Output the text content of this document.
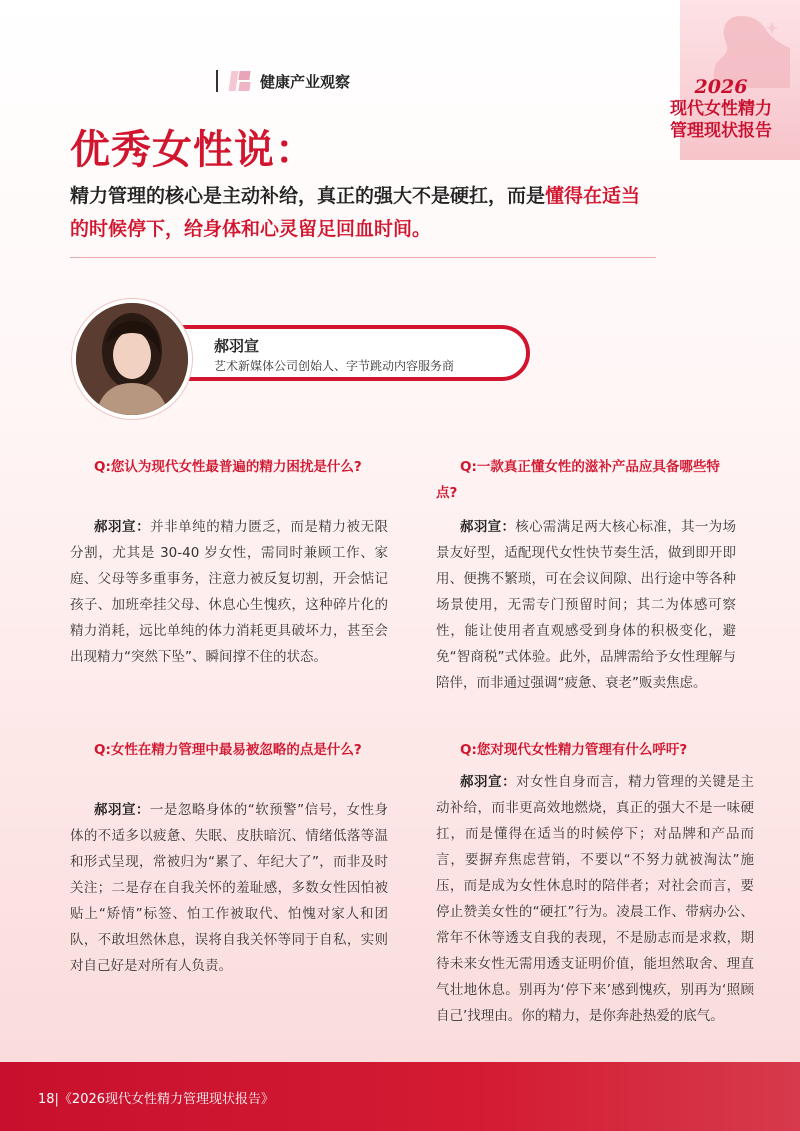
健康产业观察	2026
现代女性精力
管理现状报告
优秀女性说：
精力管理的核心是主动补给，真正的强大不是硬扛，而是懂得在适当
的时候停下，给身体和心灵留足回血时间。
郝羽宣
艺术新媒体公司创始人、字节跳动内容服务商
Q:您认为现代女性最普遍的精力困扰是什么?
郝羽宣：并非单纯的精力匮乏，而是精力被无限分割，尤其是 30-40 岁女性，需同时兼顾工作、家庭、父母等多重事务，注意力被反复切割，开会惦记孩子、加班牵挂父母、休息心生愧疚，这种碎片化的精力消耗，远比单纯的体力消耗更具破坏力，甚至会出现精力“突然下坠”、瞬间撑不住的状态。
Q:一款真正懂女性的滋补产品应具备哪些特点?
郝羽宣：核心需满足两大核心标准，其一为场景友好型，适配现代女性快节奏生活，做到即开即用、便携不繁琐，可在会议间隙、出行途中等各种场景使用，无需专门预留时间；其二为体感可察性，能让使用者直观感受到身体的积极变化，避免“智商税”式体验。此外，品牌需给予女性理解与陪伴，而非通过强调“疲惫、衰老”贩卖焦虑。
Q:女性在精力管理中最易被忽略的点是什么?
郝羽宣：一是忽略身体的“软预警”信号，女性身体的不适多以疲惫、失眠、皮肤暗沉、情绪低落等温和形式呈现，常被归为“累了、年纪大了”，而非及时关注；二是存在自我关怀的羞耻感，多数女性因怕被贴上“矫情”标签、怕工作被取代、怕愧对家人和团队，不敢坦然休息，误将自我关怀等同于自私，实则对自己好是对所有人负责。
Q:您对现代女性精力管理有什么呼吁?
郝羽宣：对女性自身而言，精力管理的关键是主动补给，而非更高效地燃烧，真正的强大不是一味硬扛，而是懂得在适当的时候停下；对品牌和产品而言，要摒弃焦虑营销，不要以“不努力就被淘汰”施压，而是成为女性休息时的陪伴者；对社会而言，要停止赞美女性的“硬扛”行为。凌晨工作、带病办公、常年不休等透支自我的表现，不是励志而是求救，期待未来女性无需用透支证明价值，能坦然取舍、理直气壮地休息。别再为‘停下来’感到愧疚，别再为‘照顾自己’找理由。你的精力，是你奔赴热爱的底气。
18|《2026现代女性精力管理现状报告》
